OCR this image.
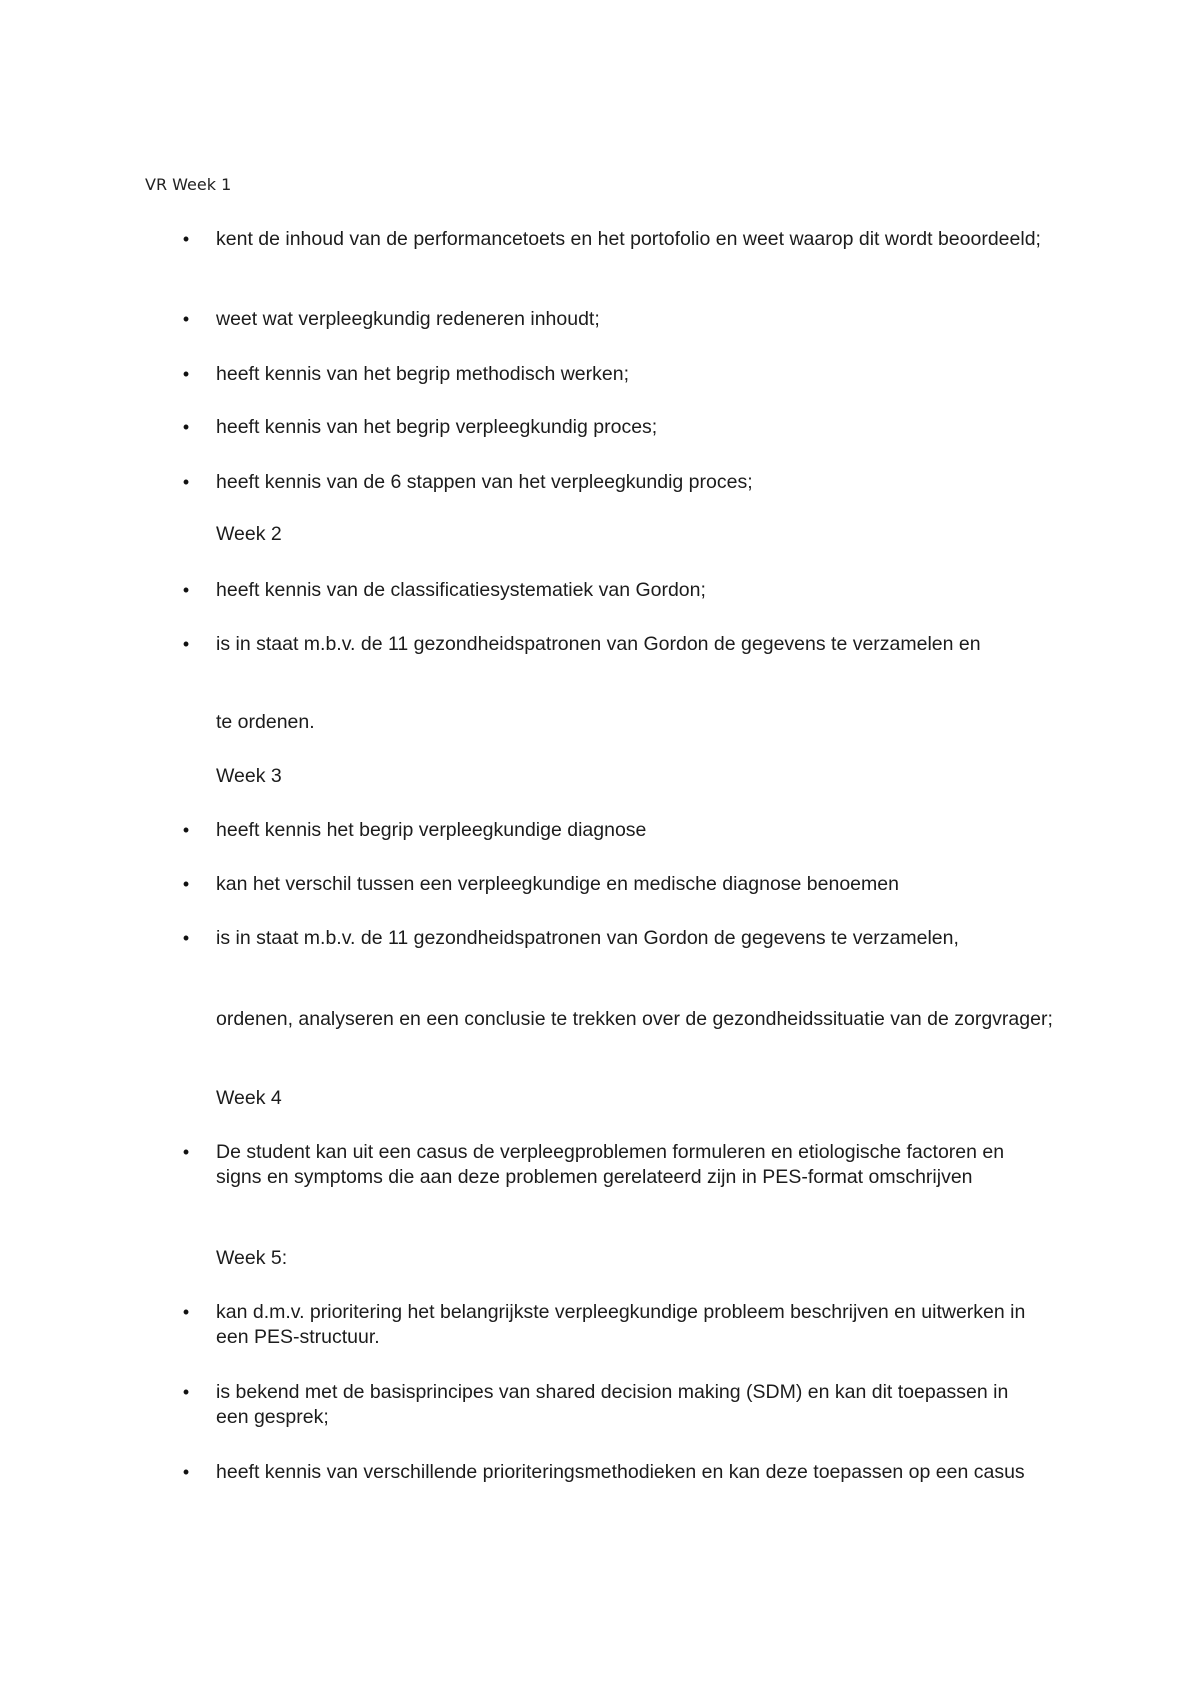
VR Week 1
• kent de inhoud van de performancetoets en het portofolio en weet waarop dit wordt beoordeeld;
• weet wat verpleegkundig redeneren inhoudt;
• heeft kennis van het begrip methodisch werken;
• heeft kennis van het begrip verpleegkundig proces;
• heeft kennis van de 6 stappen van het verpleegkundig proces;
Week 2
• heeft kennis van de classificatiesystematiek van Gordon;
• is in staat m.b.v. de 11 gezondheidspatronen van Gordon de gegevens te verzamelen en
te ordenen.
Week 3
• heeft kennis het begrip verpleegkundige diagnose
• kan het verschil tussen een verpleegkundige en medische diagnose benoemen
• is in staat m.b.v. de 11 gezondheidspatronen van Gordon de gegevens te verzamelen,
ordenen, analyseren en een conclusie te trekken over de gezondheidssituatie van de zorgvrager;
Week 4
• De student kan uit een casus de verpleegproblemen formuleren en etiologische factoren en signs en symptoms die aan deze problemen gerelateerd zijn in PES-format omschrijven
Week 5:
• kan d.m.v. prioritering het belangrijkste verpleegkundige probleem beschrijven en uitwerken in een PES-structuur.
• is bekend met de basisprincipes van shared decision making (SDM) en kan dit toepassen in een gesprek;
• heeft kennis van verschillende prioriteringsmethodieken en kan deze toepassen op een casus
